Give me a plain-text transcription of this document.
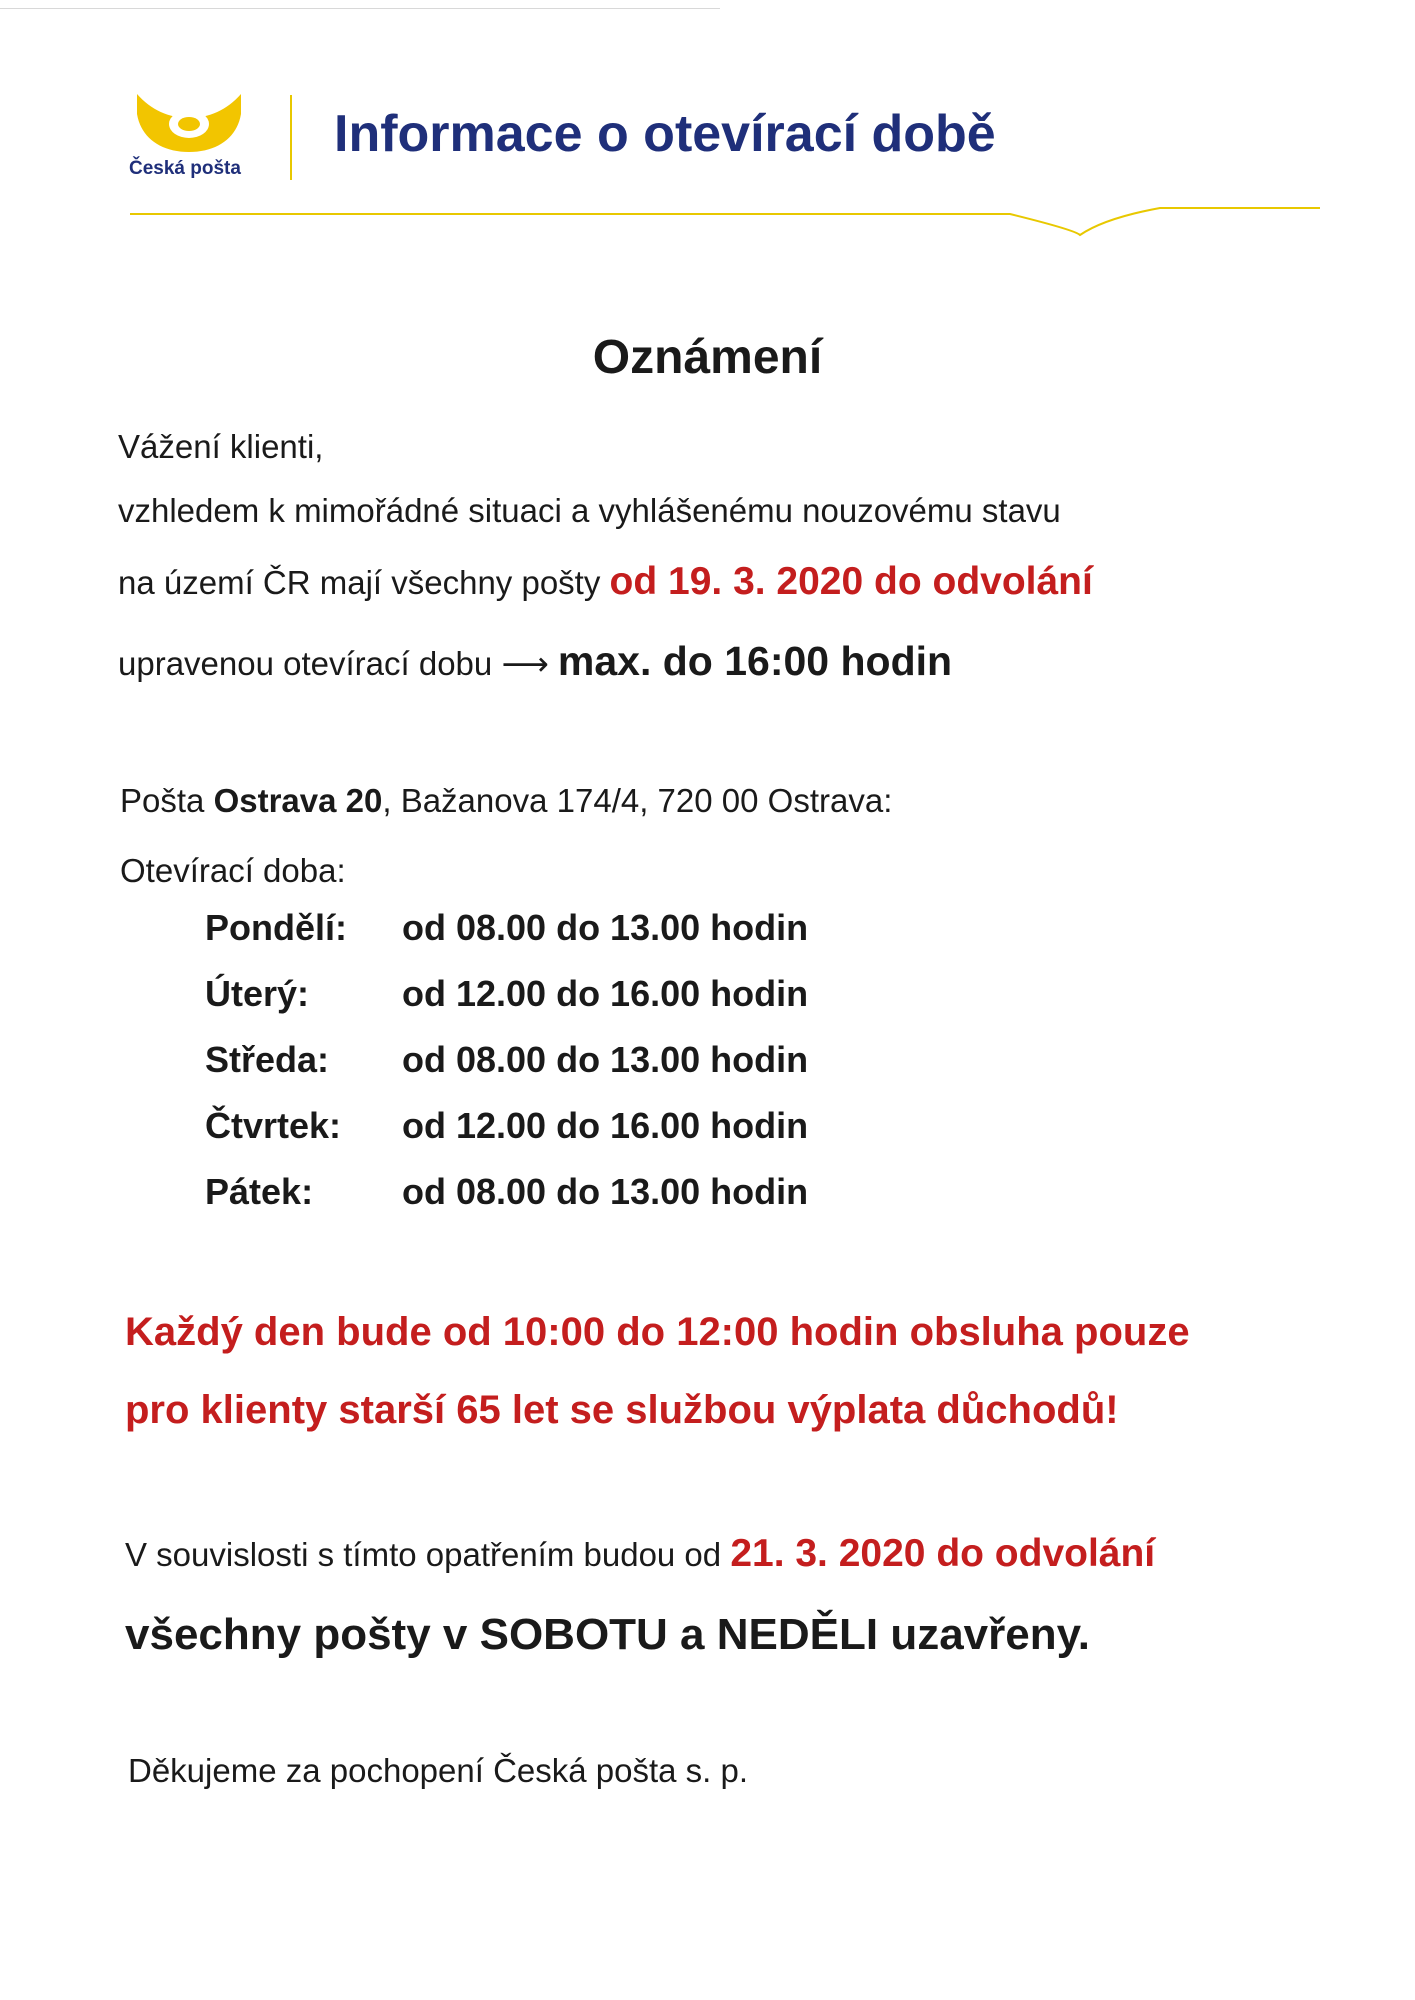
Česká pošta
Informace o otevírací době
Oznámení
Vážení klienti,
vzhledem k mimořádné situaci a vyhlášenému nouzovému stavu
na území ČR mají všechny pošty od 19. 3. 2020 do odvolání
upravenou otevírací dobu ⟶ max. do 16:00 hodin
Pošta Ostrava 20, Bažanova 174/4, 720 00 Ostrava:
Otevírací doba:
Pondělí: od 08.00 do 13.00 hodin
Úterý:	od 12.00 do 16.00 hodin
Středa: od 08.00 do 13.00 hodin
Čtvrtek: od 12.00 do 16.00 hodin
Pátek: od 08.00 do 13.00 hodin
Každý den bude od 10:00 do 12:00 hodin obsluha pouze
pro klienty starší 65 let se službou výplata důchodů!
V souvislosti s tímto opatřením budou od 21. 3. 2020 do odvolání
všechny pošty v SOBOTU a NEDĚLI uzavřeny.
Děkujeme za pochopení Česká pošta s. p.
